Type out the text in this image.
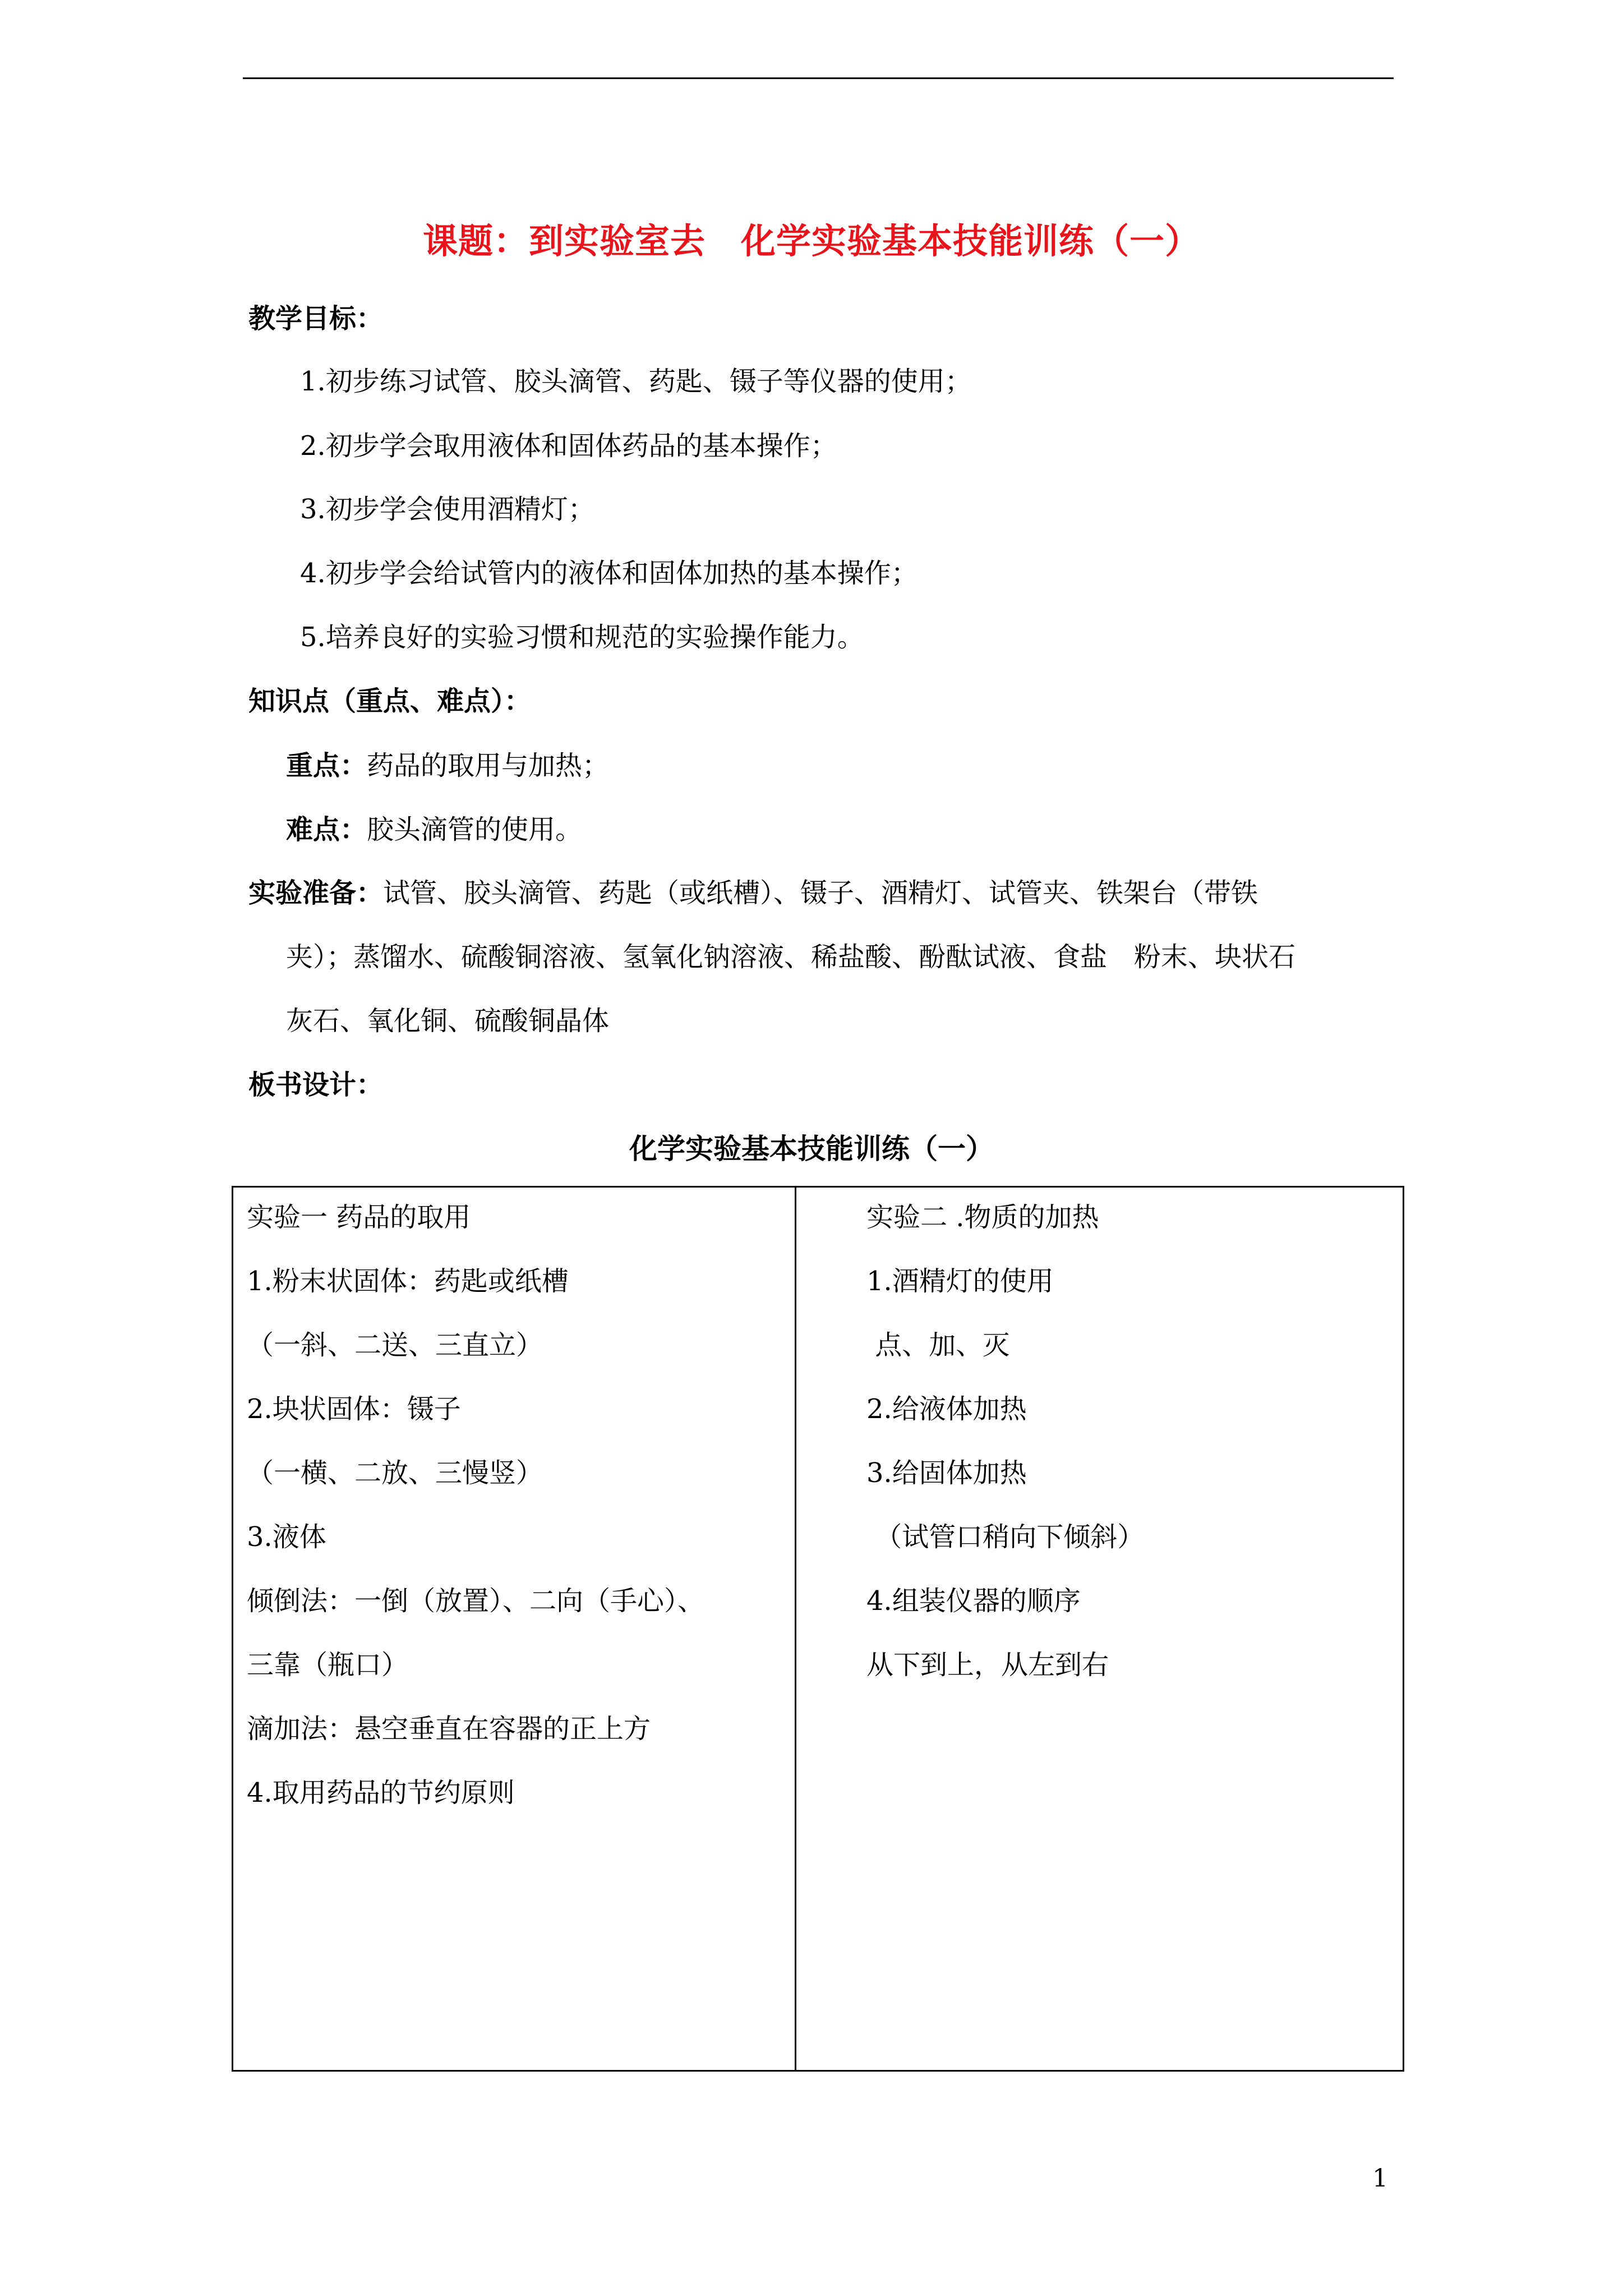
课题：到实验室去　化学实验基本技能训练（一）
教学目标：
1.初步练习试管、胶头滴管、药匙、镊子等仪器的使用；
2.初步学会取用液体和固体药品的基本操作；
3.初步学会使用酒精灯；
4.初步学会给试管内的液体和固体加热的基本操作；
5.培养良好的实验习惯和规范的实验操作能力。
知识点（重点、难点）：
重点：药品的取用与加热；
难点：胶头滴管的使用。
实验准备：试管、胶头滴管、药匙（或纸槽）、镊子、酒精灯、试管夹、铁架台（带铁
夹）；蒸馏水、硫酸铜溶液、氢氧化钠溶液、稀盐酸、酚酞试液、食盐　粉末、块状石
灰石、氧化铜、硫酸铜晶体
板书设计：
化学实验基本技能训练（一）
实验一 药品的取用
1.粉末状固体：药匙或纸槽
（一斜、二送、三直立）
2.块状固体：镊子
（一横、二放、三慢竖）
3.液体
倾倒法：一倒（放置）、二向（手心）、
三靠（瓶口）
滴加法：悬空垂直在容器的正上方
4.取用药品的节约原则
实验二 .物质的加热
1.酒精灯的使用
点、加、灭
2.给液体加热
3.给固体加热
（试管口稍向下倾斜）
4.组装仪器的顺序
从下到上，从左到右
1
